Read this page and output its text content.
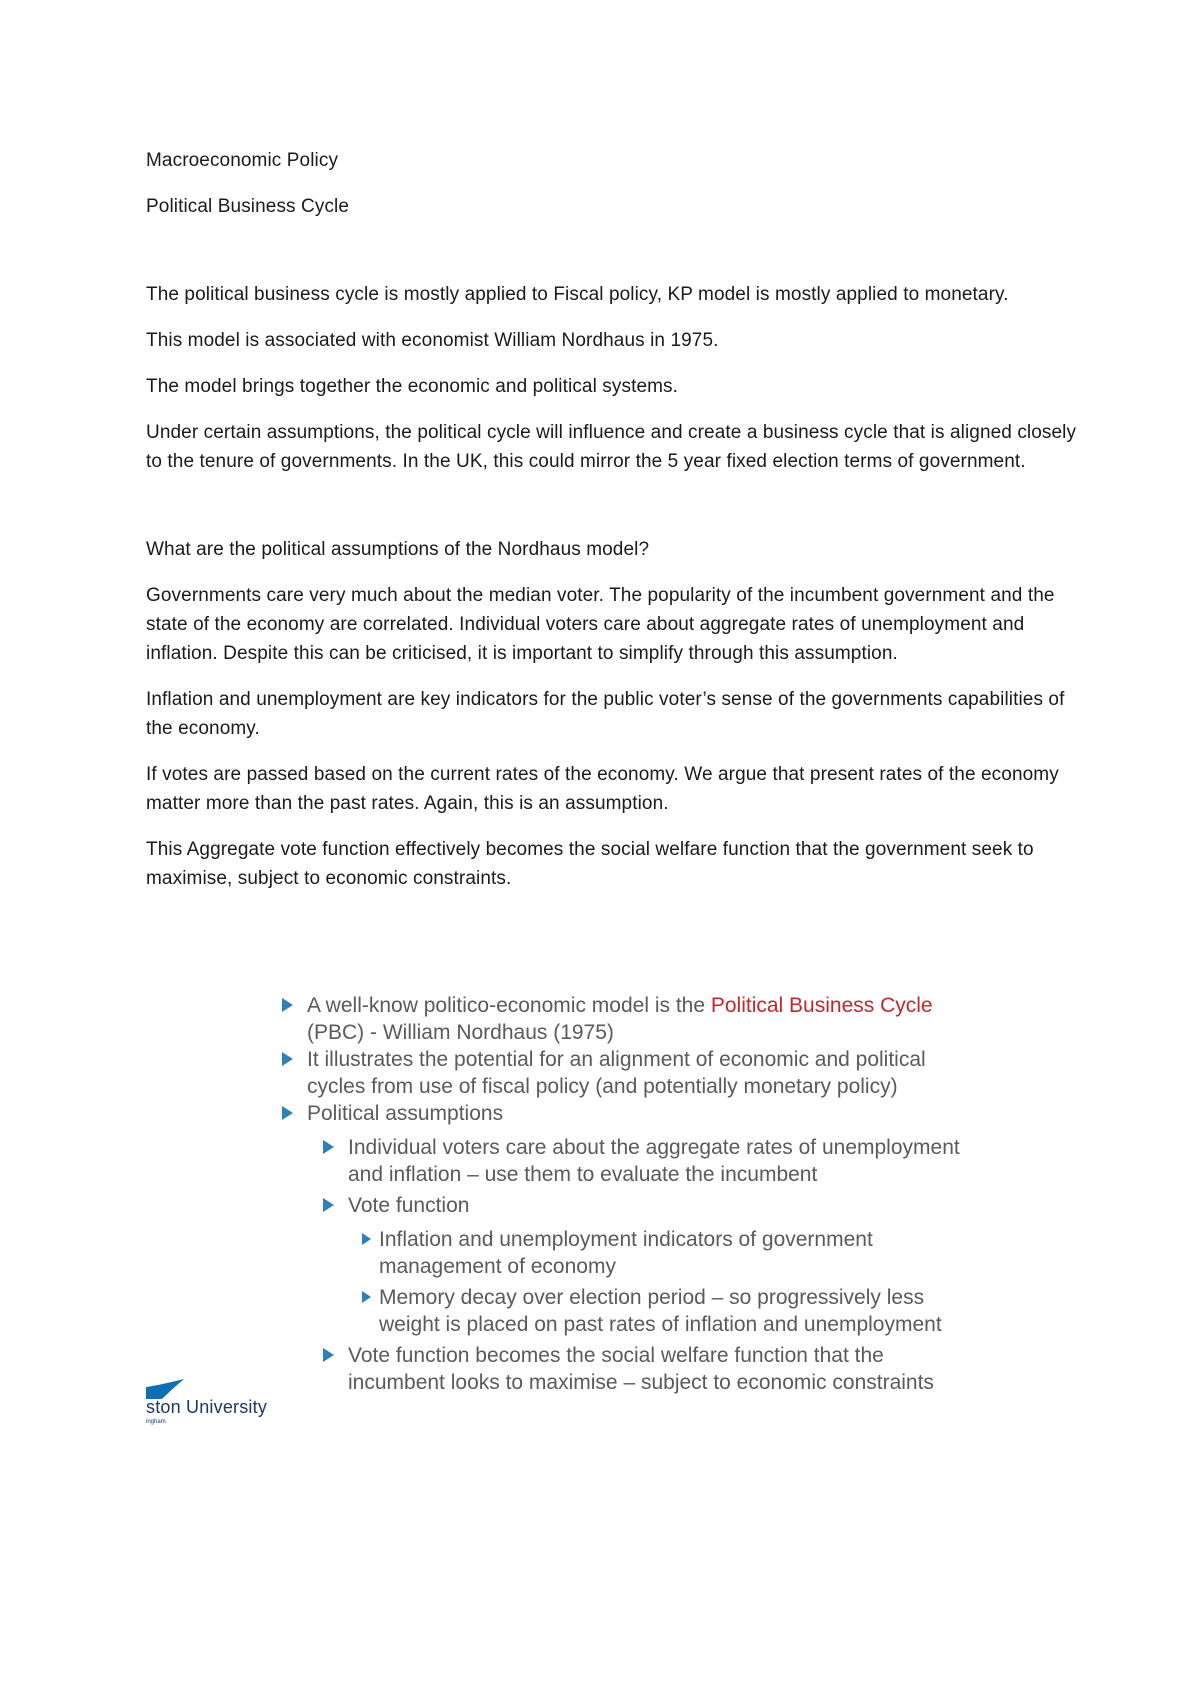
Macroeconomic Policy

Political Business Cycle

The political business cycle is mostly applied to Fiscal policy, KP model is mostly applied to monetary.

This model is associated with economist William Nordhaus in 1975.

The model brings together the economic and political systems.

Under certain assumptions, the political cycle will influence and create a business cycle that is aligned closely to the tenure of governments. In the UK, this could mirror the 5 year fixed election terms of government.

What are the political assumptions of the Nordhaus model?

Governments care very much about the median voter. The popularity of the incumbent government and the state of the economy are correlated. Individual voters care about aggregate rates of unemployment and inflation. Despite this can be criticised, it is important to simplify through this assumption.

Inflation and unemployment are key indicators for the public voter’s sense of the governments capabilities of the economy.

If votes are passed based on the current rates of the economy. We argue that present rates of the economy matter more than the past rates. Again, this is an assumption.

This Aggregate vote function effectively becomes the social welfare function that the government seek to maximise, subject to economic constraints.

A well-know politico-economic model is the Political Business Cycle
(PBC) - William Nordhaus (1975)
It illustrates the potential for an alignment of economic and political
cycles from use of fiscal policy (and potentially monetary policy)
Political assumptions
Individual voters care about the aggregate rates of unemployment
and inflation – use them to evaluate the incumbent
Vote function
Inflation and unemployment indicators of government
management of economy
Memory decay over election period – so progressively less
weight is placed on past rates of inflation and unemployment
Vote function becomes the social welfare function that the
incumbent looks to maximise – subject to economic constraints
ston University
ingham
